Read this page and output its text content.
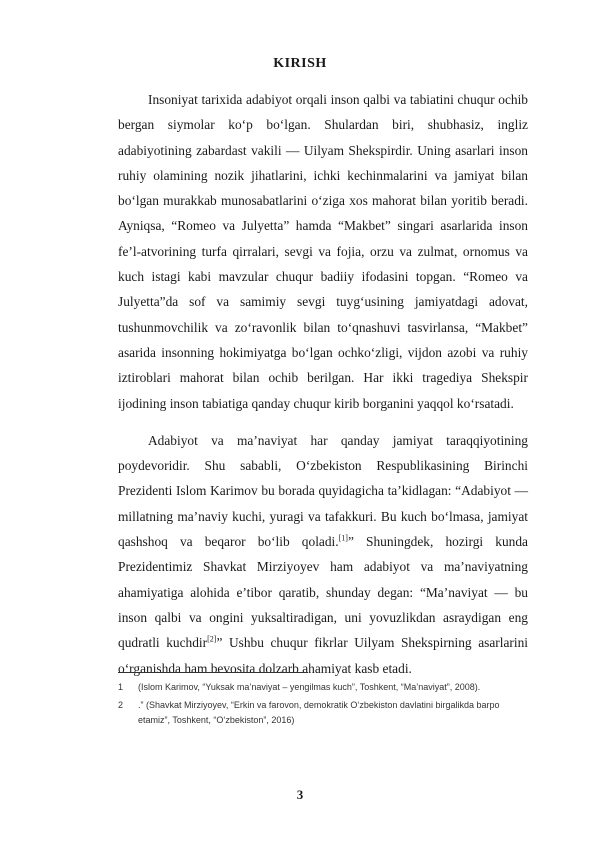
KIRISH

Insoniyat tarixida adabiyot orqali inson qalbi va tabiatini chuqur ochib bergan siymolar ko‘p bo‘lgan. Shulardan biri, shubhasiz, ingliz adabiyotining zabardast vakili — Uilyam Shekspirdir. Uning asarlari inson ruhiy olamining nozik jihatlarini, ichki kechinmalarini va jamiyat bilan bo‘lgan murakkab munosabatlarini o‘ziga xos mahorat bilan yoritib beradi. Ayniqsa, “Romeo va Julyetta” hamda “Makbet” singari asarlarida inson fe’l-atvorining turfa qirralari, sevgi va fojia, orzu va zulmat, ornomus va kuch istagi kabi mavzular chuqur badiiy ifodasini topgan. “Romeo va Julyetta”da sof va samimiy sevgi tuyg‘usining jamiyatdagi adovat, tushunmovchilik va zo‘ravonlik bilan to‘qnashuvi tasvirlansa, “Makbet” asarida insonning hokimiyatga bo‘lgan ochko‘zligi, vijdon azobi va ruhiy iztiroblari mahorat bilan ochib berilgan. Har ikki tragediya Shekspir ijodining inson tabiatiga qanday chuqur kirib borganini yaqqol ko‘rsatadi.

Adabiyot va ma’naviyat har qanday jamiyat taraqqiyotining poydevoridir. Shu sababli, O‘zbekiston Respublikasining Birinchi Prezidenti Islom Karimov bu borada quyidagicha ta’kidlagan: “Adabiyot — millatning ma’naviy kuchi, yuragi va tafakkuri. Bu kuch bo‘lmasa, jamiyat qashshoq va beqaror bo‘lib qoladi.[1]” Shuningdek, hozirgi kunda Prezidentimiz Shavkat Mirziyoyev ham adabiyot va ma’naviyatning ahamiyatiga alohida e’tibor qaratib, shunday degan: “Ma’naviyat — bu inson qalbi va ongini yuksaltiradigan, uni yovuzlikdan asraydigan eng qudratli kuchdir[2]” Ushbu chuqur fikrlar Uilyam Shekspirning asarlarini o‘rganishda ham bevosita dolzarb ahamiyat kasb etadi.

1	(Islom Karimov, “Yuksak ma’naviyat – yengilmas kuch”, Toshkent, “Ma’naviyat”, 2008).
2	.” (Shavkat Mirziyoyev, “Erkin va farovon, demokratik O‘zbekiston davlatini birgalikda barpo etamiz”, Toshkent, “O‘zbekiston”, 2016)
3
